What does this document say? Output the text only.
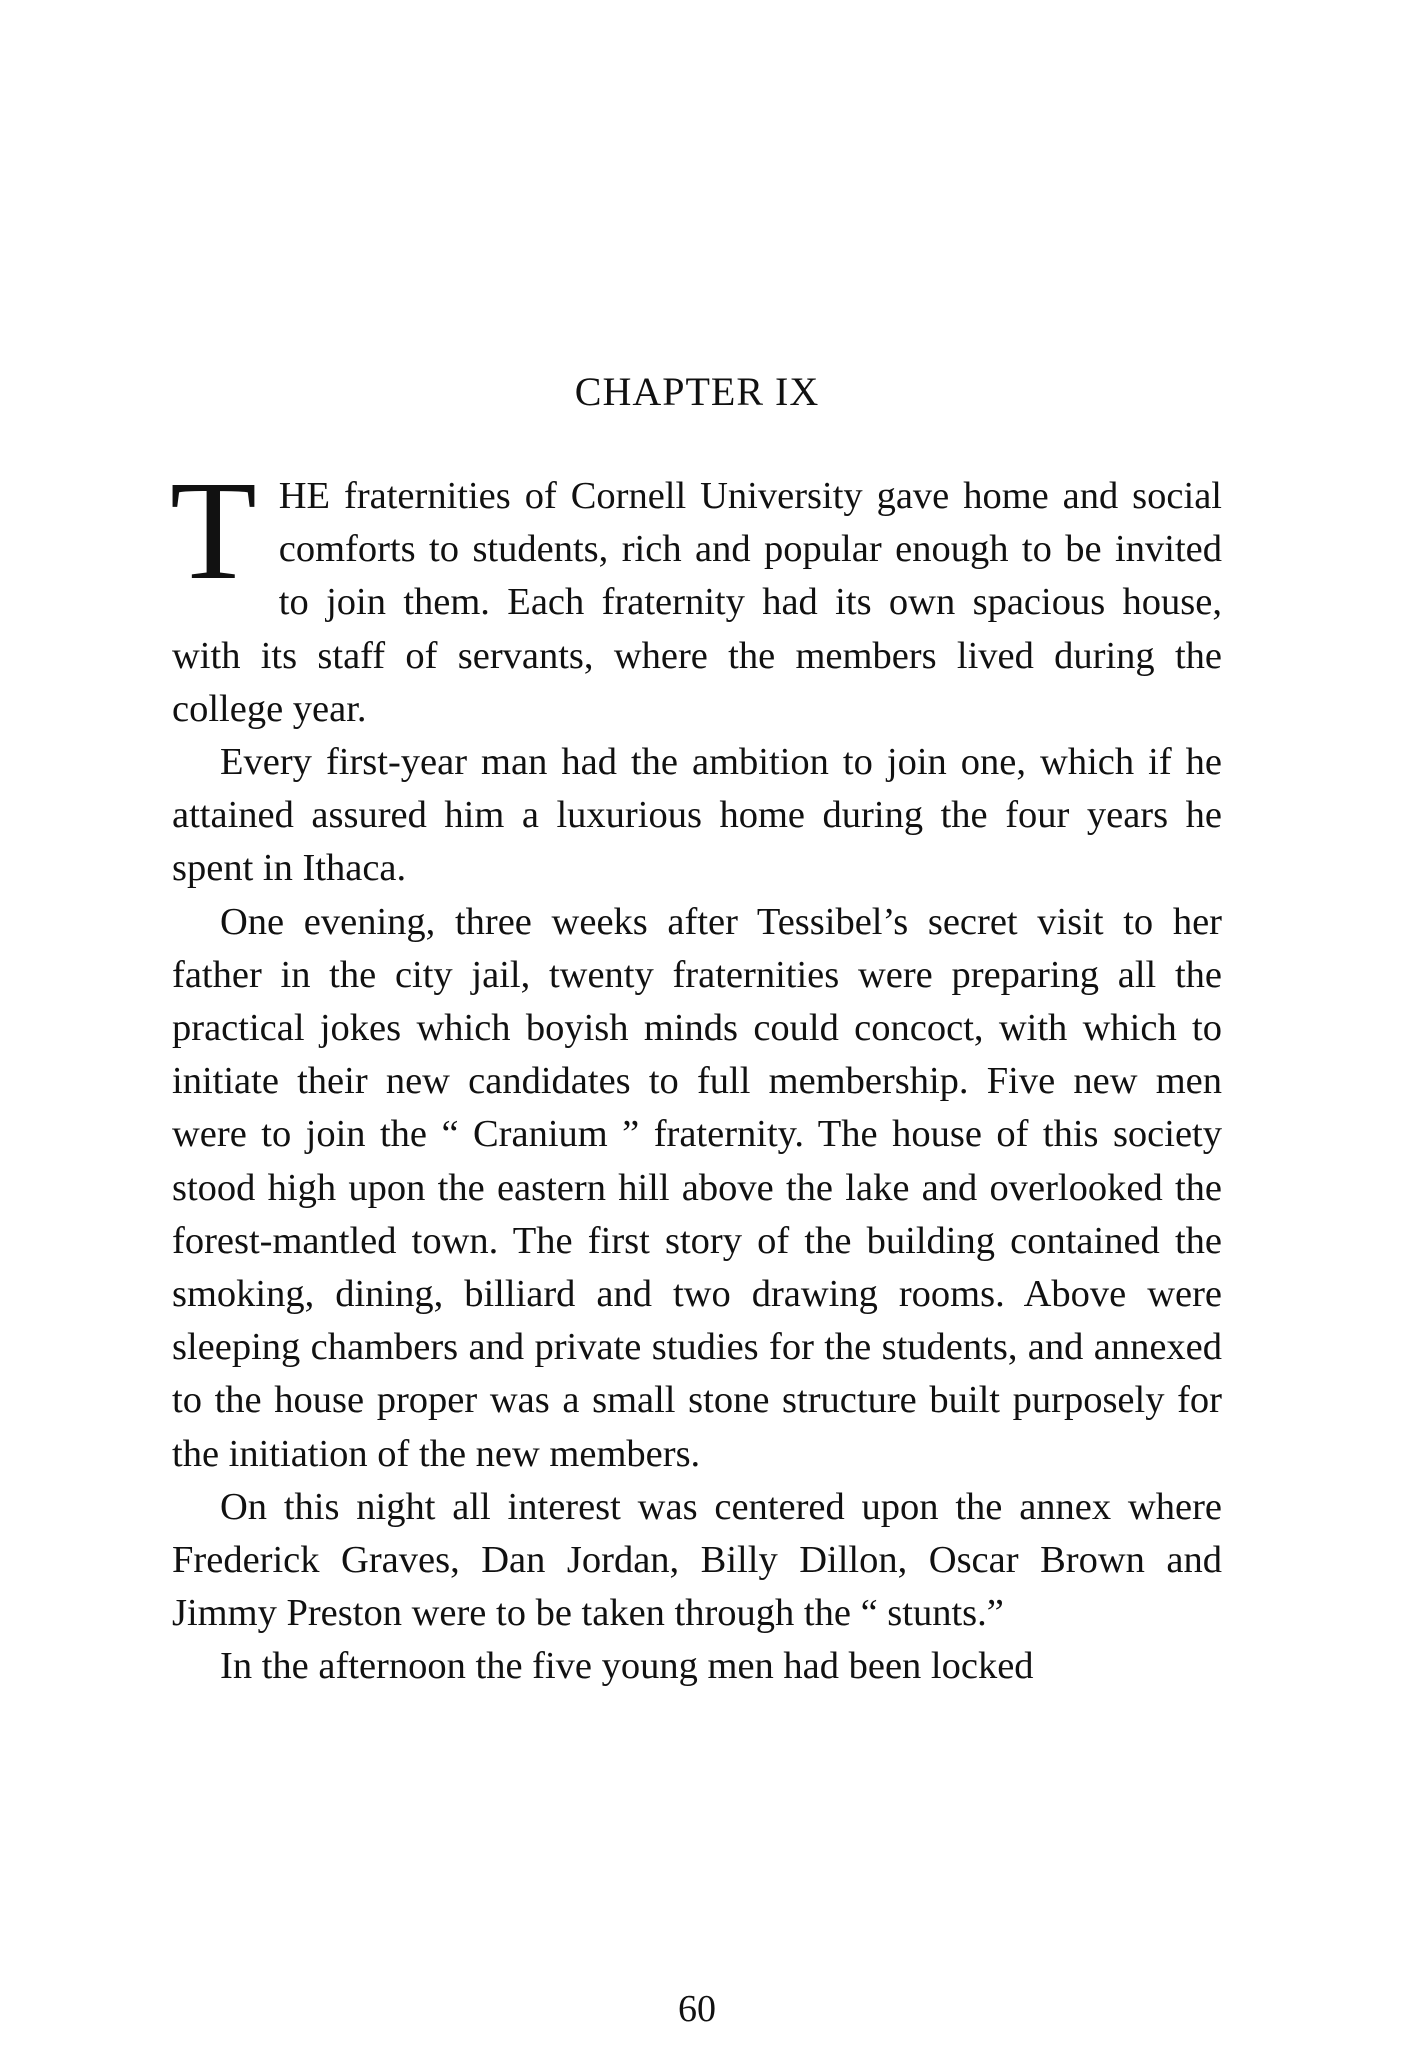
CHAPTER IX

THE fraternities of Cornell University gave home and social comforts to students, rich and popular enough to be invited to join them. Each fraternity had its own spacious house, with its staff of servants, where the members lived during the college year.

Every first-year man had the ambition to join one, which if he attained assured him a luxurious home during the four years he spent in Ithaca.

One evening, three weeks after Tessibel’s secret visit to her father in the city jail, twenty fraternities were preparing all the practical jokes which boyish minds could concoct, with which to initiate their new candidates to full membership. Five new men were to join the “ Cranium ” fraternity. The house of this society stood high upon the eastern hill above the lake and overlooked the forest-mantled town. The first story of the building contained the smoking, dining, billiard and two drawing rooms. Above were sleeping chambers and private studies for the students, and annexed to the house proper was a small stone structure built purposely for the initiation of the new members.

On this night all interest was centered upon the annex where Frederick Graves, Dan Jordan, Billy Dillon, Oscar Brown and Jimmy Preston were to be taken through the “ stunts.”

In the afternoon the five young men had been locked

60
